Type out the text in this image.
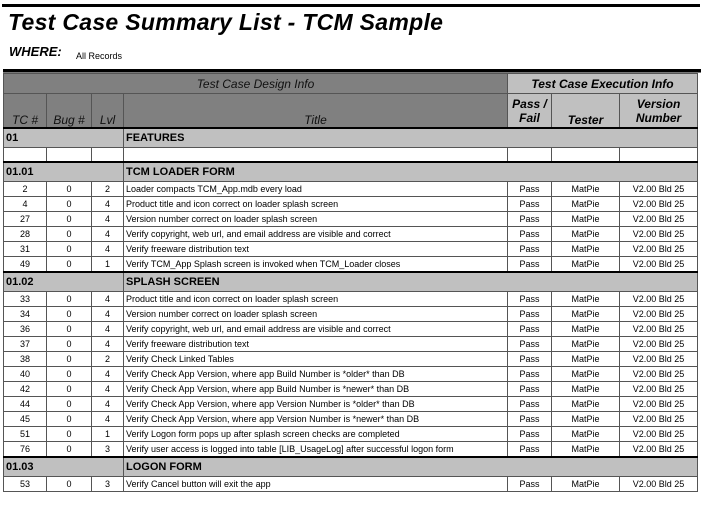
Test Case Summary List - TCM Sample
WHERE: All Records
Test Case Design Info				Test Case Execution Info		
TC #	Bug #	Lvl	Title	Pass / Fail	Tester	Version Number
01			FEATURES			

01.01			TCM LOADER FORM			
2	0	2	Loader compacts TCM_App.mdb every load	Pass	MatPie	V2.00 Bld 25
4	0	4	Product title and icon correct on loader splash screen	Pass	MatPie	V2.00 Bld 25
27	0	4	Version number correct on loader splash screen	Pass	MatPie	V2.00 Bld 25
28	0	4	Verify copyright, web url, and email address are visible and correct	Pass	MatPie	V2.00 Bld 25
31	0	4	Verify freeware distribution text	Pass	MatPie	V2.00 Bld 25
49	0	1	Verify TCM_App Splash screen is invoked when TCM_Loader closes	Pass	MatPie	V2.00 Bld 25
01.02			SPLASH SCREEN			
33	0	4	Product title and icon correct on loader splash screen	Pass	MatPie	V2.00 Bld 25
34	0	4	Version number correct on loader splash screen	Pass	MatPie	V2.00 Bld 25
36	0	4	Verify copyright, web url, and email address are visible and correct	Pass	MatPie	V2.00 Bld 25
37	0	4	Verify freeware distribution text	Pass	MatPie	V2.00 Bld 25
38	0	2	Verify Check Linked Tables	Pass	MatPie	V2.00 Bld 25
40	0	4	Verify Check App Version, where app Build Number is *older* than DB	Pass	MatPie	V2.00 Bld 25
42	0	4	Verify Check App Version, where app Build Number is *newer* than DB	Pass	MatPie	V2.00 Bld 25
44	0	4	Verify Check App Version, where app Version Number is *older* than DB	Pass	MatPie	V2.00 Bld 25
45	0	4	Verify Check App Version, where app Version Number is *newer* than DB	Pass	MatPie	V2.00 Bld 25
51	0	1	Verify Logon form pops up after splash screen checks are completed	Pass	MatPie	V2.00 Bld 25
76	0	3	Verify user access is logged into table [LIB_UsageLog] after successful logon form	Pass	MatPie	V2.00 Bld 25
01.03			LOGON FORM			
53	0	3	Verify Cancel button will exit the app	Pass	MatPie	V2.00 Bld 25
